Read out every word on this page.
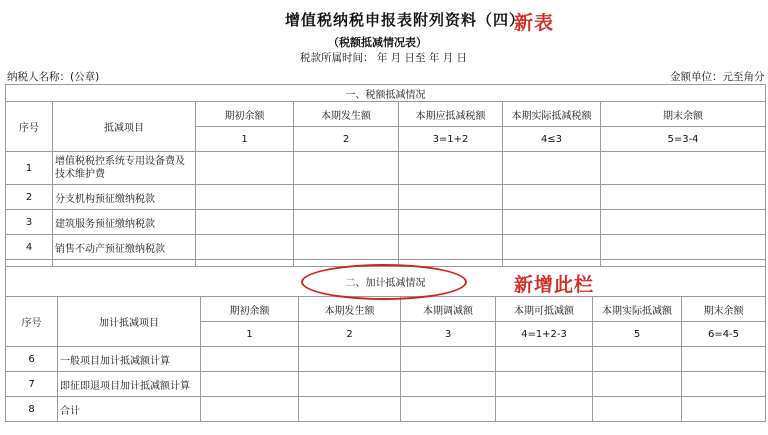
增值税纳税申报表附列资料（四）
新表
（税额抵减情况表）
税款所属时间： 年 月 日至 年 月 日
纳税人名称：(公章)	金额单位：元至角分
一、税额抵减情况						
序号	抵减项目	期初余额	本期发生额	本期应抵减税额	本期实际抵减税额	期末余额
		1	2	3=1+2	4≤3	5=3-4
1	增值税税控系统专用设备费及技术维护费					
2	分支机构预征缴纳税款					
3	建筑服务预征缴纳税款					
4	销售不动产预征缴纳税款					

二、加计抵减情况							
序号	加计抵减项目	期初余额	本期发生额	本期调减额	本期可抵减额	本期实际抵减额	期末余额
		1	2	3	4=1+2-3	5	6=4-5
6	一般项目加计抵减额计算						
7	即征即退项目加计抵减额计算						
8	合计						
新增此栏
